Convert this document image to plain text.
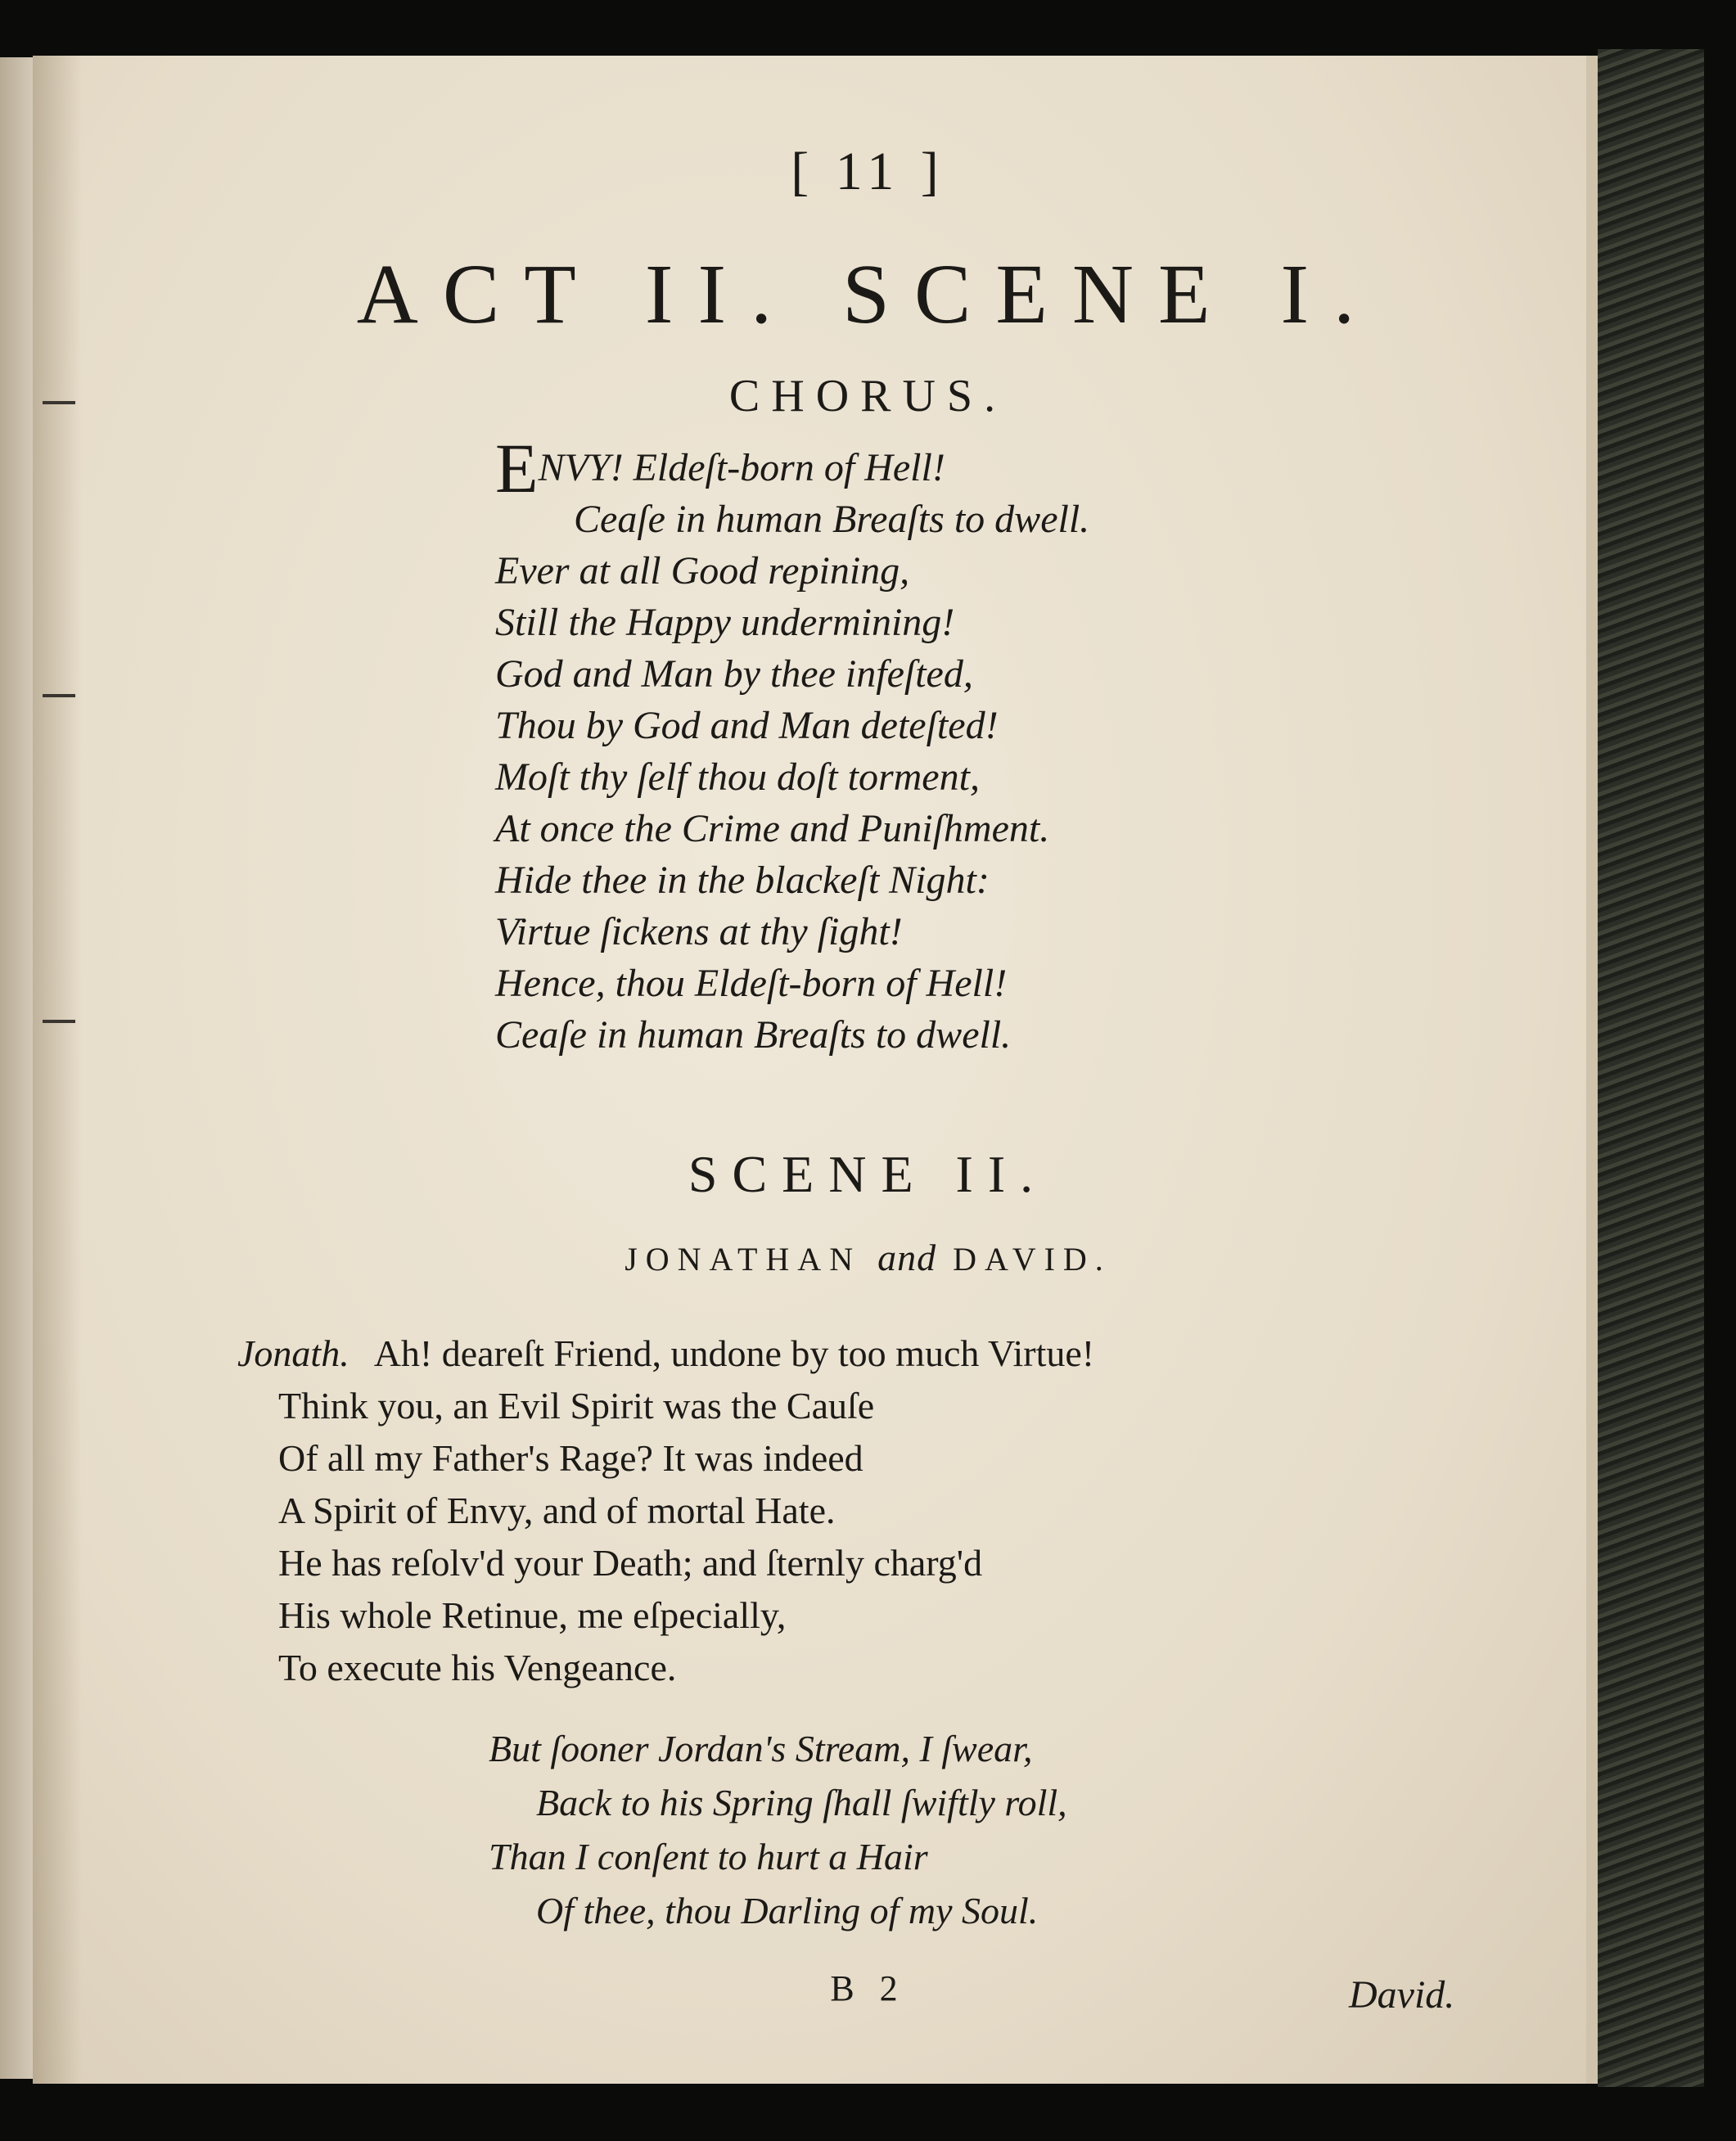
[ 11 ]
ACT II. SCENE I.
CHORUS.
ENVY! Eldeſt-born of Hell!
Ceaſe in human Breaſts to dwell.
Ever at all Good repining,
Still the Happy undermining!
God and Man by thee infeſted,
Thou by God and Man deteſted!
Moſt thy ſelf thou doſt torment,
At once the Crime and Puniſhment.
Hide thee in the blackeſt Night:
Virtue ſickens at thy ſight!
Hence, thou Eldeſt-born of Hell!
Ceaſe in human Breaſts to dwell.
SCENE II.
JONATHAN and DAVID.
Jonath. Ah! deareſt Friend, undone by too much Virtue!
Think you, an Evil Spirit was the Cauſe
Of all my Father's Rage? It was indeed
A Spirit of Envy, and of mortal Hate.
He has reſolv'd your Death; and ſternly charg'd
His whole Retinue, me eſpecially,
To execute his Vengeance.
But ſooner Jordan's Stream, I ſwear,
Back to his Spring ſhall ſwiftly roll,
Than I conſent to hurt a Hair
Of thee, thou Darling of my Soul.
B 2	David.
